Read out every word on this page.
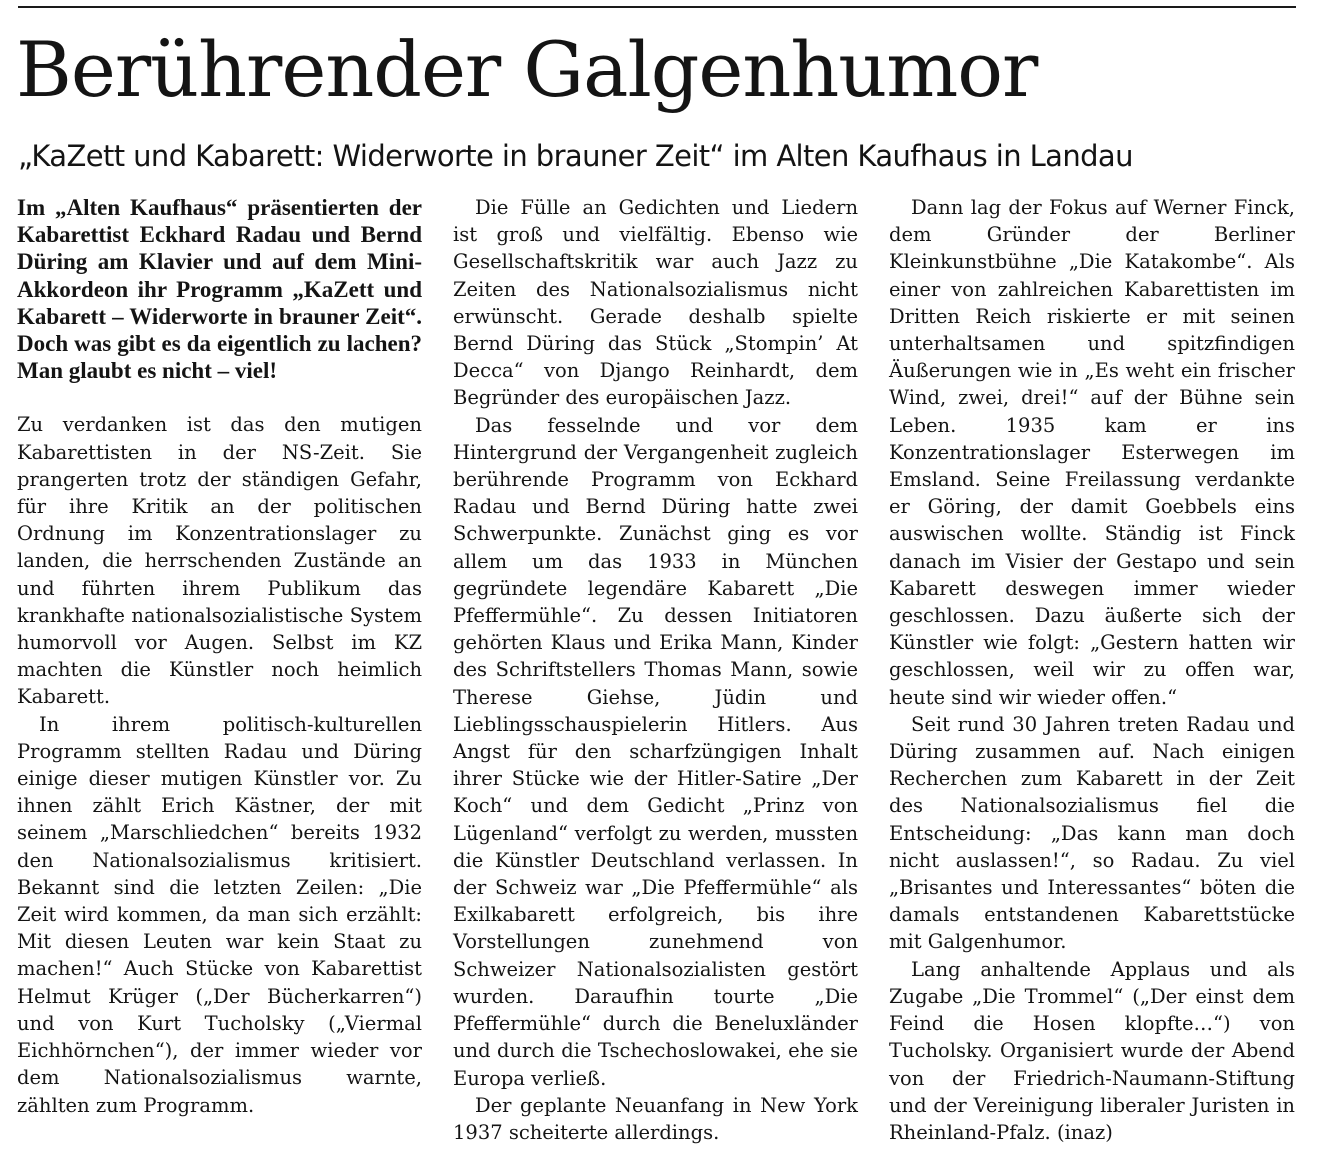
Berührender Galgenhumor
„KaZett und Kabarett: Widerworte in brauner Zeit“ im Alten Kaufhaus in Landau

Im „Alten Kaufhaus“ präsentierten der Kabarettist Eckhard Radau und Bernd Düring am Klavier und auf dem Mini-Akkordeon ihr Programm „KaZett und Kabarett – Widerworte in brauner Zeit“. Doch was gibt es da eigentlich zu lachen? Man glaubt es nicht – viel!

Zu verdanken ist das den mutigen Kabarettisten in der NS-Zeit. Sie prangerten trotz der ständigen Gefahr, für ihre Kritik an der politischen Ordnung im Konzentrationslager zu landen, die herrschenden Zustände an und führten ihrem Publikum das krankhafte nationalsozialistische System humorvoll vor Augen. Selbst im KZ machten die Künstler noch heimlich Kabarett.

In ihrem politisch-kulturellen Programm stellten Radau und Düring einige dieser mutigen Künstler vor. Zu ihnen zählt Erich Kästner, der mit seinem „Marschliedchen“ bereits 1932 den Nationalsozialismus kritisiert. Bekannt sind die letzten Zeilen: „Die Zeit wird kommen, da man sich erzählt: Mit diesen Leuten war kein Staat zu machen!“ Auch Stücke von Kabarettist Helmut Krüger („Der Bücherkarren“) und von Kurt Tucholsky („Viermal Eichhörnchen“), der immer wieder vor dem Nationalsozialismus warnte, zählten zum Programm.

Die Fülle an Gedichten und Liedern ist groß und vielfältig. Ebenso wie Gesellschaftskritik war auch Jazz zu Zeiten des Nationalsozialismus nicht erwünscht. Gerade deshalb spielte Bernd Düring das Stück „Stompin’ At Decca“ von Django Reinhardt, dem Begründer des europäischen Jazz.

Das fesselnde und vor dem Hintergrund der Vergangenheit zugleich berührende Programm von Eckhard Radau und Bernd Düring hatte zwei Schwerpunkte. Zunächst ging es vor allem um das 1933 in München gegründete legendäre Kabarett „Die Pfeffermühle“. Zu dessen Initiatoren gehörten Klaus und Erika Mann, Kinder des Schriftstellers Thomas Mann, sowie Therese Giehse, Jüdin und Lieblingsschauspielerin Hitlers. Aus Angst für den scharfzüngigen Inhalt ihrer Stücke wie der Hitler-Satire „Der Koch“ und dem Gedicht „Prinz von Lügenland“ verfolgt zu werden, mussten die Künstler Deutschland verlassen. In der Schweiz war „Die Pfeffermühle“ als Exilkabarett erfolgreich, bis ihre Vorstellungen zunehmend von Schweizer Nationalsozialisten gestört wurden. Daraufhin tourte „Die Pfeffermühle“ durch die Beneluxländer und durch die Tschechoslowakei, ehe sie Europa verließ.

Der geplante Neuanfang in New York 1937 scheiterte allerdings.

Dann lag der Fokus auf Werner Finck, dem Gründer der Berliner Kleinkunstbühne „Die Katakombe“. Als einer von zahlreichen Kabarettisten im Dritten Reich riskierte er mit seinen unterhaltsamen und spitzfindigen Äußerungen wie in „Es weht ein frischer Wind, zwei, drei!“ auf der Bühne sein Leben. 1935 kam er ins Konzentrationslager Esterwegen im Emsland. Seine Freilassung verdankte er Göring, der damit Goebbels eins auswischen wollte. Ständig ist Finck danach im Visier der Gestapo und sein Kabarett deswegen immer wieder geschlossen. Dazu äußerte sich der Künstler wie folgt: „Gestern hatten wir geschlossen, weil wir zu offen war, heute sind wir wieder offen.“

Seit rund 30 Jahren treten Radau und Düring zusammen auf. Nach einigen Recherchen zum Kabarett in der Zeit des Nationalsozialismus fiel die Entscheidung: „Das kann man doch nicht auslassen!“, so Radau. Zu viel „Brisantes und Interessantes“ böten die damals entstandenen Kabarettstücke mit Galgenhumor.

Lang anhaltende Applaus und als Zugabe „Die Trommel“ („Der einst dem Feind die Hosen klopfte…“) von Tucholsky. Organisiert wurde der Abend von der Friedrich-Naumann-Stiftung und der Vereinigung liberaler Juristen in Rheinland-Pfalz. (inaz)
